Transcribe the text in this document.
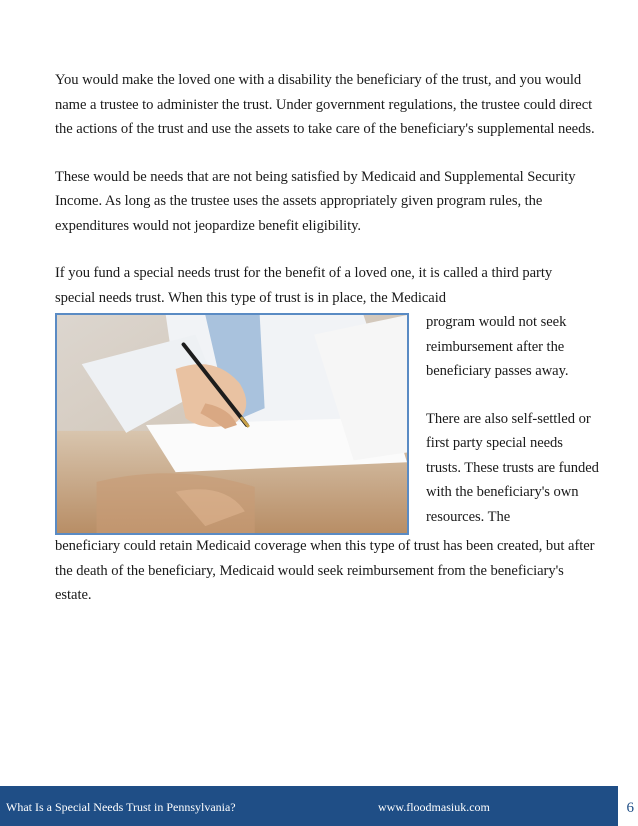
You would make the loved one with a disability the beneficiary of the trust, and you would name a trustee to administer the trust. Under government regulations, the trustee could direct the actions of the trust and use the assets to take care of the beneficiary's supplemental needs.

These would be needs that are not being satisfied by Medicaid and Supplemental Security Income. As long as the trustee uses the assets appropriately given program rules, the expenditures would not jeopardize benefit eligibility.

If you fund a special needs trust for the benefit of a loved one, it is called a third party special needs trust. When this type of trust is in place, the Medicaid

program would not seek reimbursement after the beneficiary passes away.

There are also self-settled or first party special needs trusts. These trusts are funded with the beneficiary's own resources. The

beneficiary could retain Medicaid coverage when this type of trust has been created, but after the death of the beneficiary, Medicaid would seek reimbursement from the beneficiary's estate.

What Is a Special Needs Trust in Pennsylvania?	www.floodmasiuk.com	6
